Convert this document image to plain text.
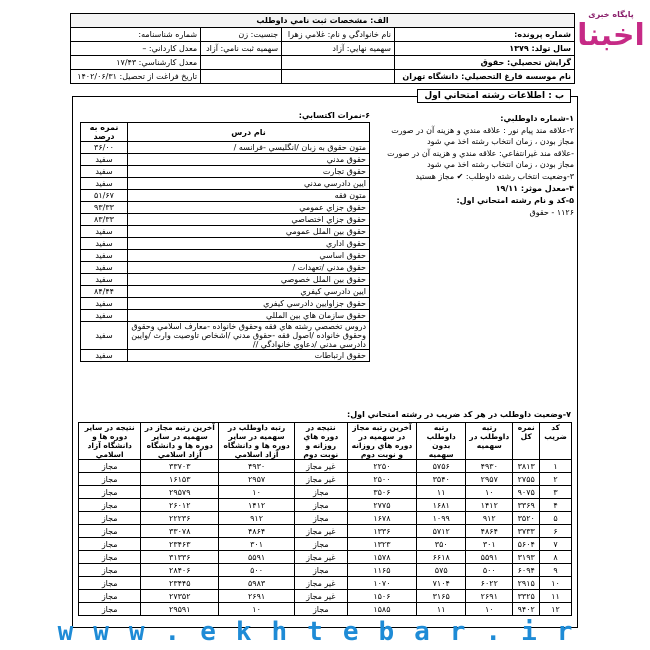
الف: مشخصات ثبت نامي داوطلب			
شماره پرونده:	نام خانوادگي و نام: غلامي زهرا	جنسيت: زن	شماره شناسنامه:
سال تولد: ۱۳۷۹	سهميه نهايي: آزاد	سهميه ثبت نامي: آزاد	معدل کارداني: –
گرايش تحصيلي: حقوق			معدل کارشناسي: ۱۷/۴۳
نام موسسه فارغ التحصيلي: دانشگاه تهران			تاريخ فراغت از تحصيل: ۱۴۰۲/۰۶/۳۱
پایگاه خبری
اخبنا
ب : اطلاعات رشته امتحاني اول
۱-شماره داوطلبي:
۲-علاقه مند پيام نور : علاقه مندي و هزينه آن در صورت مجاز بودن ، زمان انتخاب رشته اخذ مي شود
-علاقه مند غيرانتفاعي: علاقه مندي و هزينه آن در صورت مجاز بودن ، زمان انتخاب رشته اخذ مي شود
۳-وضعيت انتخاب رشته داوطلب: ✔ مجاز هستيد
۴-معدل موثر: ۱۹/۱۱
۵-کد و نام رشته امتحاني اول:
۱۱۲۶ - حقوق
۶-نمرات اکتسابي:
نام درس	نمره به درصد
متون حقوق به زبان /انگليسي -فرانسه /	۳۶/۰۰
حقوق مدني	سفيد
حقوق تجارت	سفيد
ايين دادرسي مدني	سفيد
متون فقه	۵۱/۶۷
حقوق جزاي عمومي	۹۳/۳۳
حقوق جزاي اختصاصي	۸۳/۳۳
حقوق بين الملل عمومي	سفيد
حقوق اداري	سفيد
حقوق اساسي	سفيد
حقوق مدني /تعهدات /	سفيد
حقوق بين الملل خصوصي	سفيد
ايين دادرسي کيفري	۸۴/۴۴
حقوق جزاوايين دادرسي کيفري	سفيد
حقوق سازمان هاي بين المللي	سفيد
دروس تخصصي رشته هاي فقه وحقوق خانواده -معارف اسلامي وحقوق وحقوق خانواده /اصول فقه -حقوق مدني /اشخاص تاوصيت وارث /وايين دادرسي مدني /دعاوي خانوادگي //	سفيد
حقوق ارتباطات	سفيد
۷-وضعيت داوطلب در هر کد ضريب در رشته امتحاني اول:
کد ضريب	نمره کل	رتبه داوطلب در سهميه	رتبه داوطلب بدون سهميه	آخرين رتبه مجاز در سهميه در دوره هاي روزانه و نوبت دوم	نتيجه در دوره هاي روزانه و نوبت دوم	رتبه داوطلب در سهميه در ساير دوره ها و دانشگاه آزاد اسلامي	آخرين رتبه مجاز در سهميه در ساير دوره ها و دانشگاه آزاد اسلامي	نتيجه در ساير دوره ها و دانشگاه آزاد اسلامي
۱	۳۸۱۳	۴۹۳۰	۵۷۵۶	۲۲۵۰	غير مجاز	۴۹۳۰	۳۳۷۰۳	مجاز
۲	۲۷۵۵	۲۹۵۷	۳۵۴۰	۲۵۰۰	غير مجاز	۲۹۵۷	۱۶۱۵۳	مجاز
۳	۹۰۷۵	۱۰	۱۱	۳۵۰۶	مجاز	۱۰	۲۹۵۷۹	مجاز
۴	۳۳۶۹	۱۴۱۲	۱۶۸۱	۲۷۷۵	مجاز	۱۴۱۲	۲۶۰۱۲	مجاز
۵	۳۵۲۰	۹۱۲	۱۰۹۹	۱۶۷۸	مجاز	۹۱۲	۲۲۲۳۶	مجاز
۶	۳۷۳۳	۴۸۶۴	۵۷۱۲	۱۳۳۶	غير مجاز	۴۸۶۴	۳۳۰۷۸	مجاز
۷	۵۶۰۴	۳۰۱	۳۵۰	۱۳۲۳	مجاز	۳۰۱	۲۳۴۶۳	مجاز
۸	۳۱۹۳	۵۵۹۱	۶۶۱۸	۱۵۷۸	غير مجاز	۵۵۹۱	۳۱۳۳۶	مجاز
۹	۶۰۹۴	۵۰۰	۵۷۵	۱۱۶۵	مجاز	۵۰۰	۲۸۴۰۶	مجاز
۱۰	۲۹۱۵	۶۰۲۲	۷۱۰۴	۱۰۷۰	غير مجاز	۵۹۸۳	۲۳۴۴۵	مجاز
۱۱	۳۳۲۵	۲۶۹۱	۳۱۶۵	۱۵۰۶	غير مجاز	۲۶۹۱	۲۷۳۵۲	مجاز
۱۲	۹۴۰۲	۱۰	۱۱	۱۵۸۵	مجاز	۱۰	۲۹۵۹۱	مجاز
www.ekhtebar.ir
